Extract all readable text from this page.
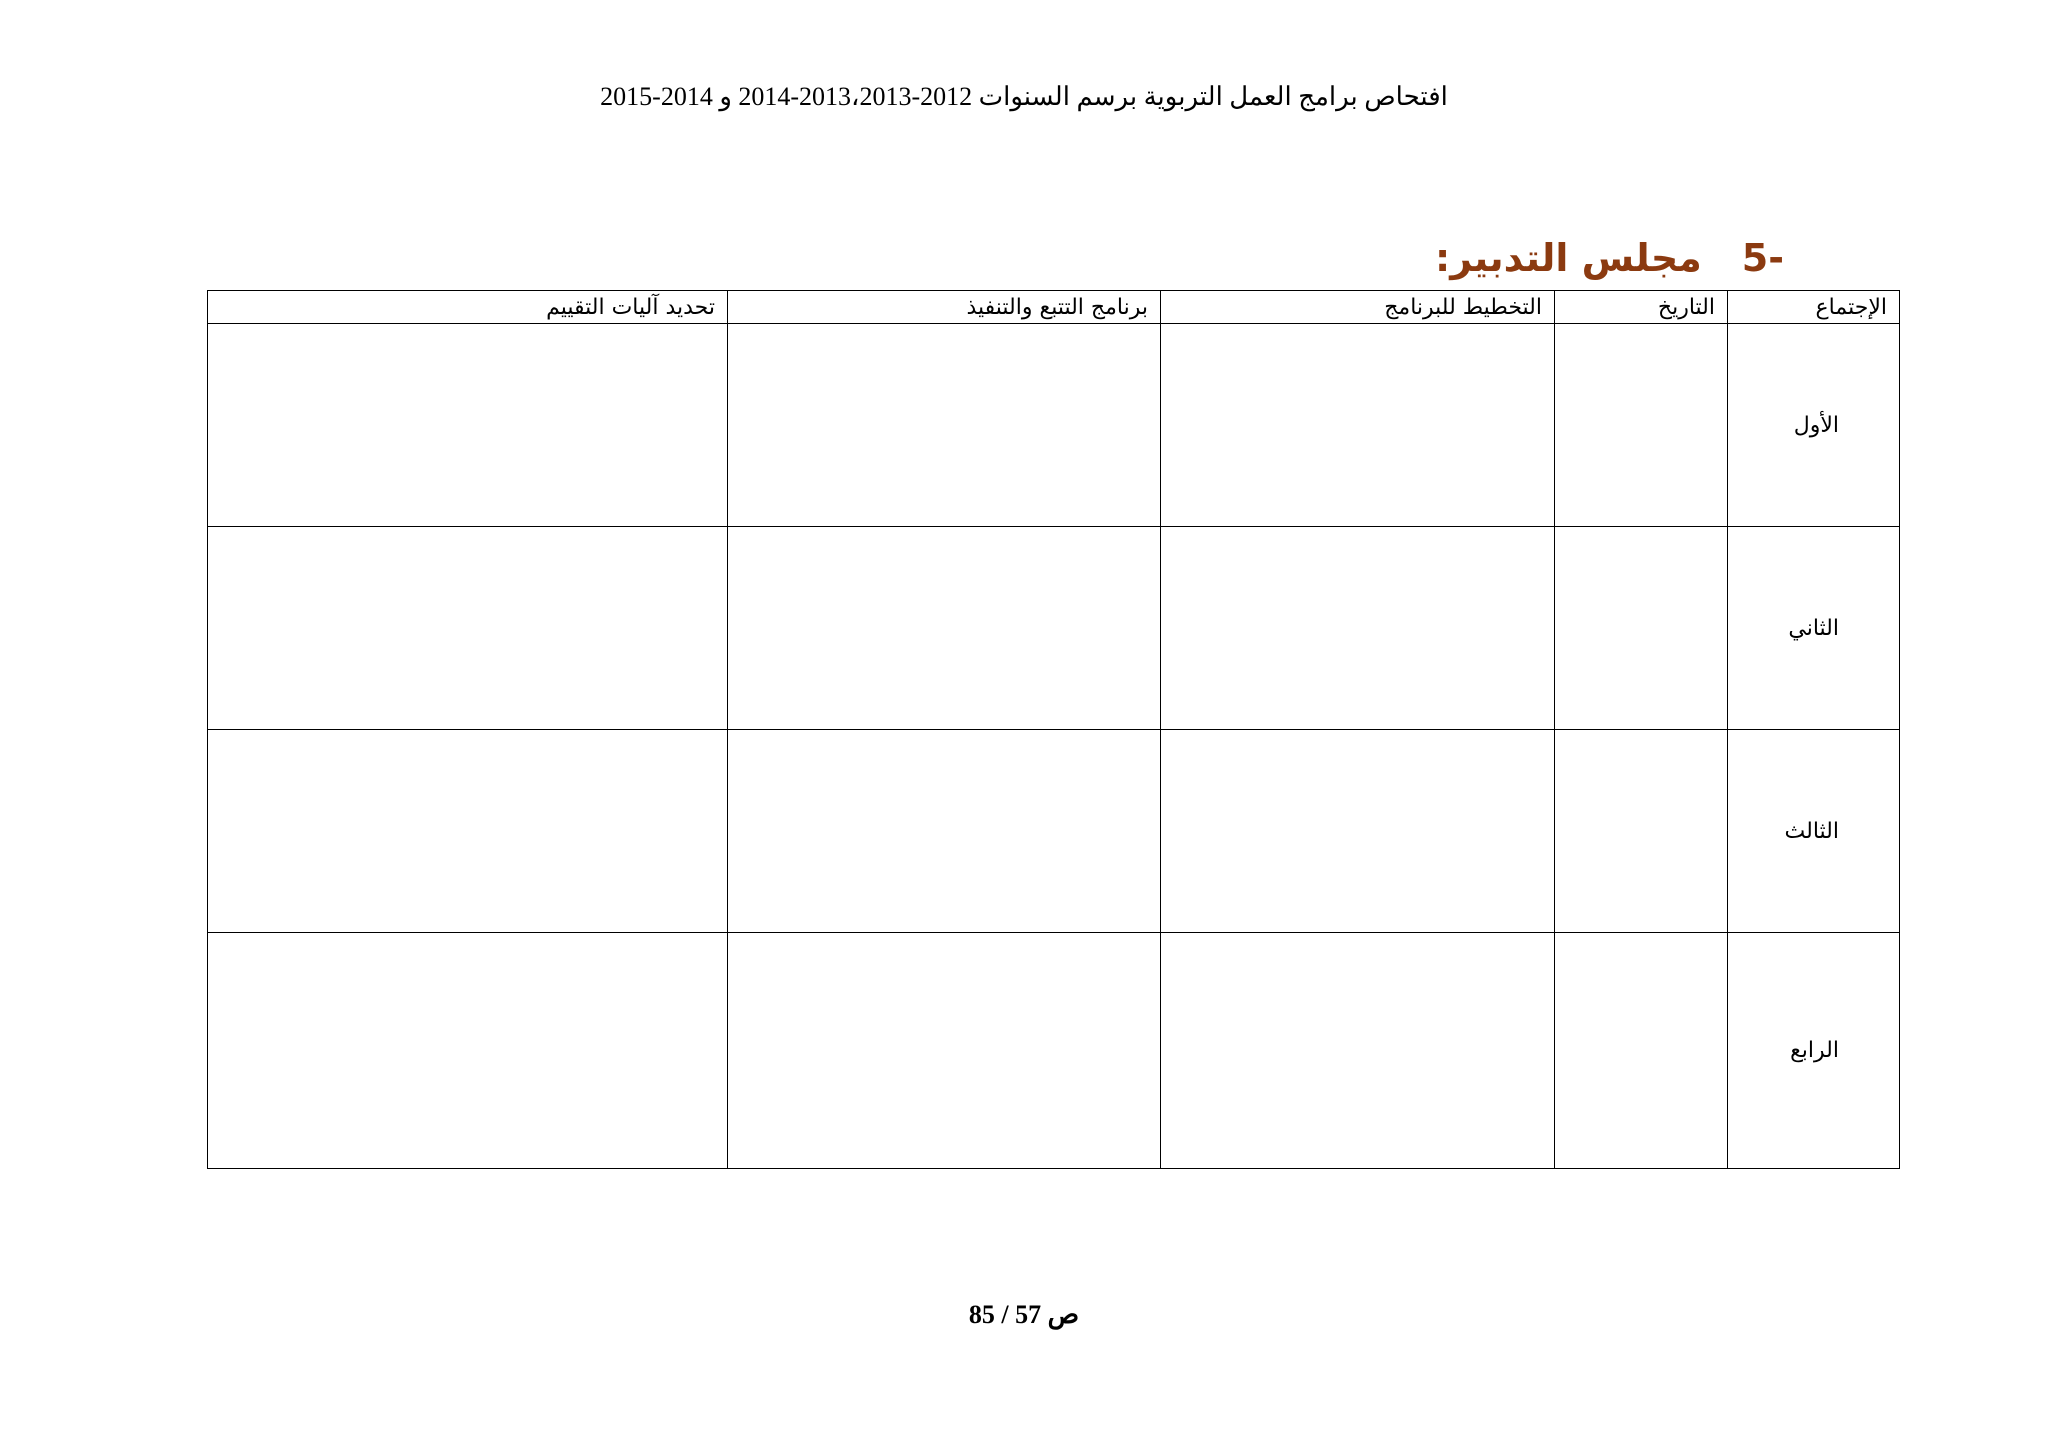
افتحاص برامج العمل التربوية برسم السنوات 2012-2013،2013-2014 و 2014-2015
-5مجلس التدبير:
الإجتماع	التاريخ	التخطيط للبرنامج	برنامج التتبع والتنفيذ	تحديد آليات التقييم
الأول				
الثاني				
الثالث				
الرابع				
ص 57 / 85
